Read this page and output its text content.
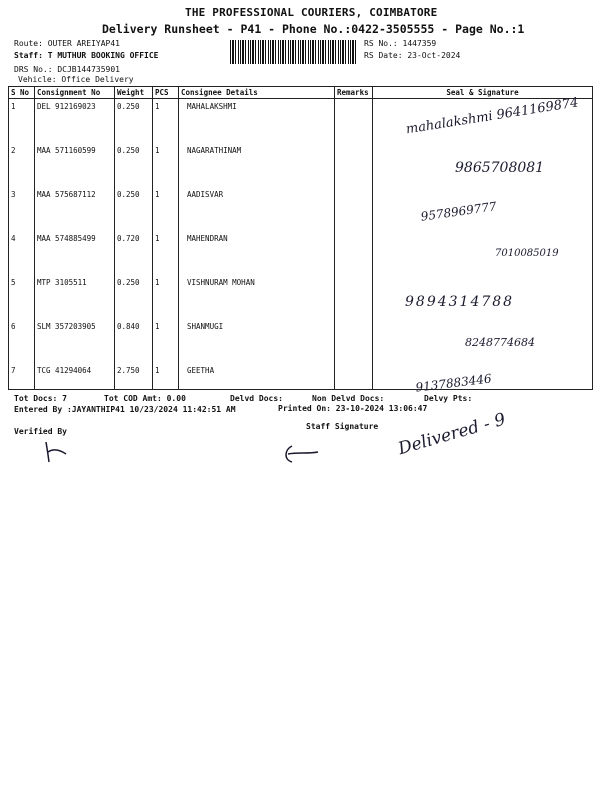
THE PROFESSIONAL COURIERS, COIMBATORE
Delivery Runsheet - P41 - Phone No.:0422-3505555 - Page No.:1
Route: OUTER AREIYAP41
Staff: T MUTHUR BOOKING OFFICE
DRS No.: DCJB144735901
Vehicle: Office Delivery
RS No.: 1447359
RS Date: 23-Oct-2024
S No	Consignment No	Weight	PCS	Consignee Details	Remarks	Seal & Signature
1	DEL 912169023	0.250	1	MAHALAKSHMI		mahalakshmi 9641169874

2	MAA 571160599	0.250	1	NAGARATHINAM		9865708081

3	MAA 575687112	0.250	1	AADISVAR		9578969777

4	MAA 574885499	0.720	1	MAHENDRAN		7010085019

5	MTP 3105511	0.250	1	VISHNURAM MOHAN		9894314788

6	SLM 357203905	0.840	1	SHANMUGI		8248774684

7	TCG 41294064	2.750	1	GEETHA		9137883446
Tot Docs: 7	Tot COD Amt: 0.00	Delvd Docs:	Non Delvd Docs:	Delvy Pts:
Entered By :JAYANTHIP41 10/23/2024 11:42:51 AM	Printed On: 23-10-2024 13:06:47
Verified By
Staff Signature Delivered - 9
